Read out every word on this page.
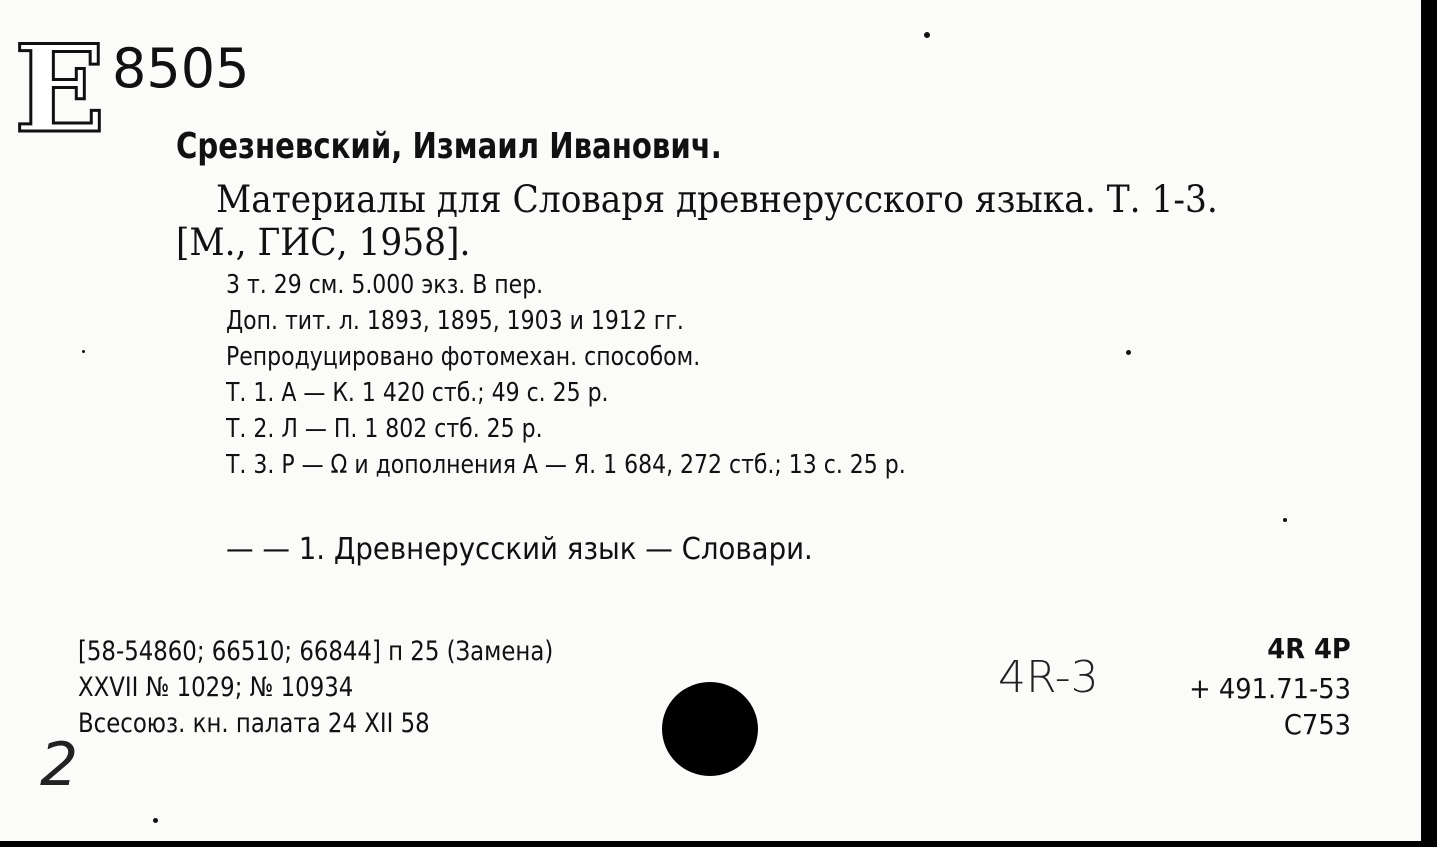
E 8505
Срезневский, Измаил Иванович.
Материалы для Словаря древнерусского языка. Т. 1-3.
[М., ГИС, 1958].
3 т. 29 см. 5.000 экз. В пер.
Доп. тит. л. 1893, 1895, 1903 и 1912 гг.
Репродуцировано фотомехан. способом.
Т. 1. А — К. 1 420 стб.; 49 с. 25 р.
Т. 2. Л — П. 1 802 стб. 25 р.
Т. 3. Р — Ω и дополнения А — Я. 1 684, 272 стб.; 13 с. 25 р.
— — 1. Древнерусский язык — Словари.
[58-54860; 66510; 66844] п 25 (Замена)
XXVII № 1029; № 10934
Всесоюз. кн. палата 24 XII 58
4R 4P
+ 491.71-53
С753
4R-3
2
